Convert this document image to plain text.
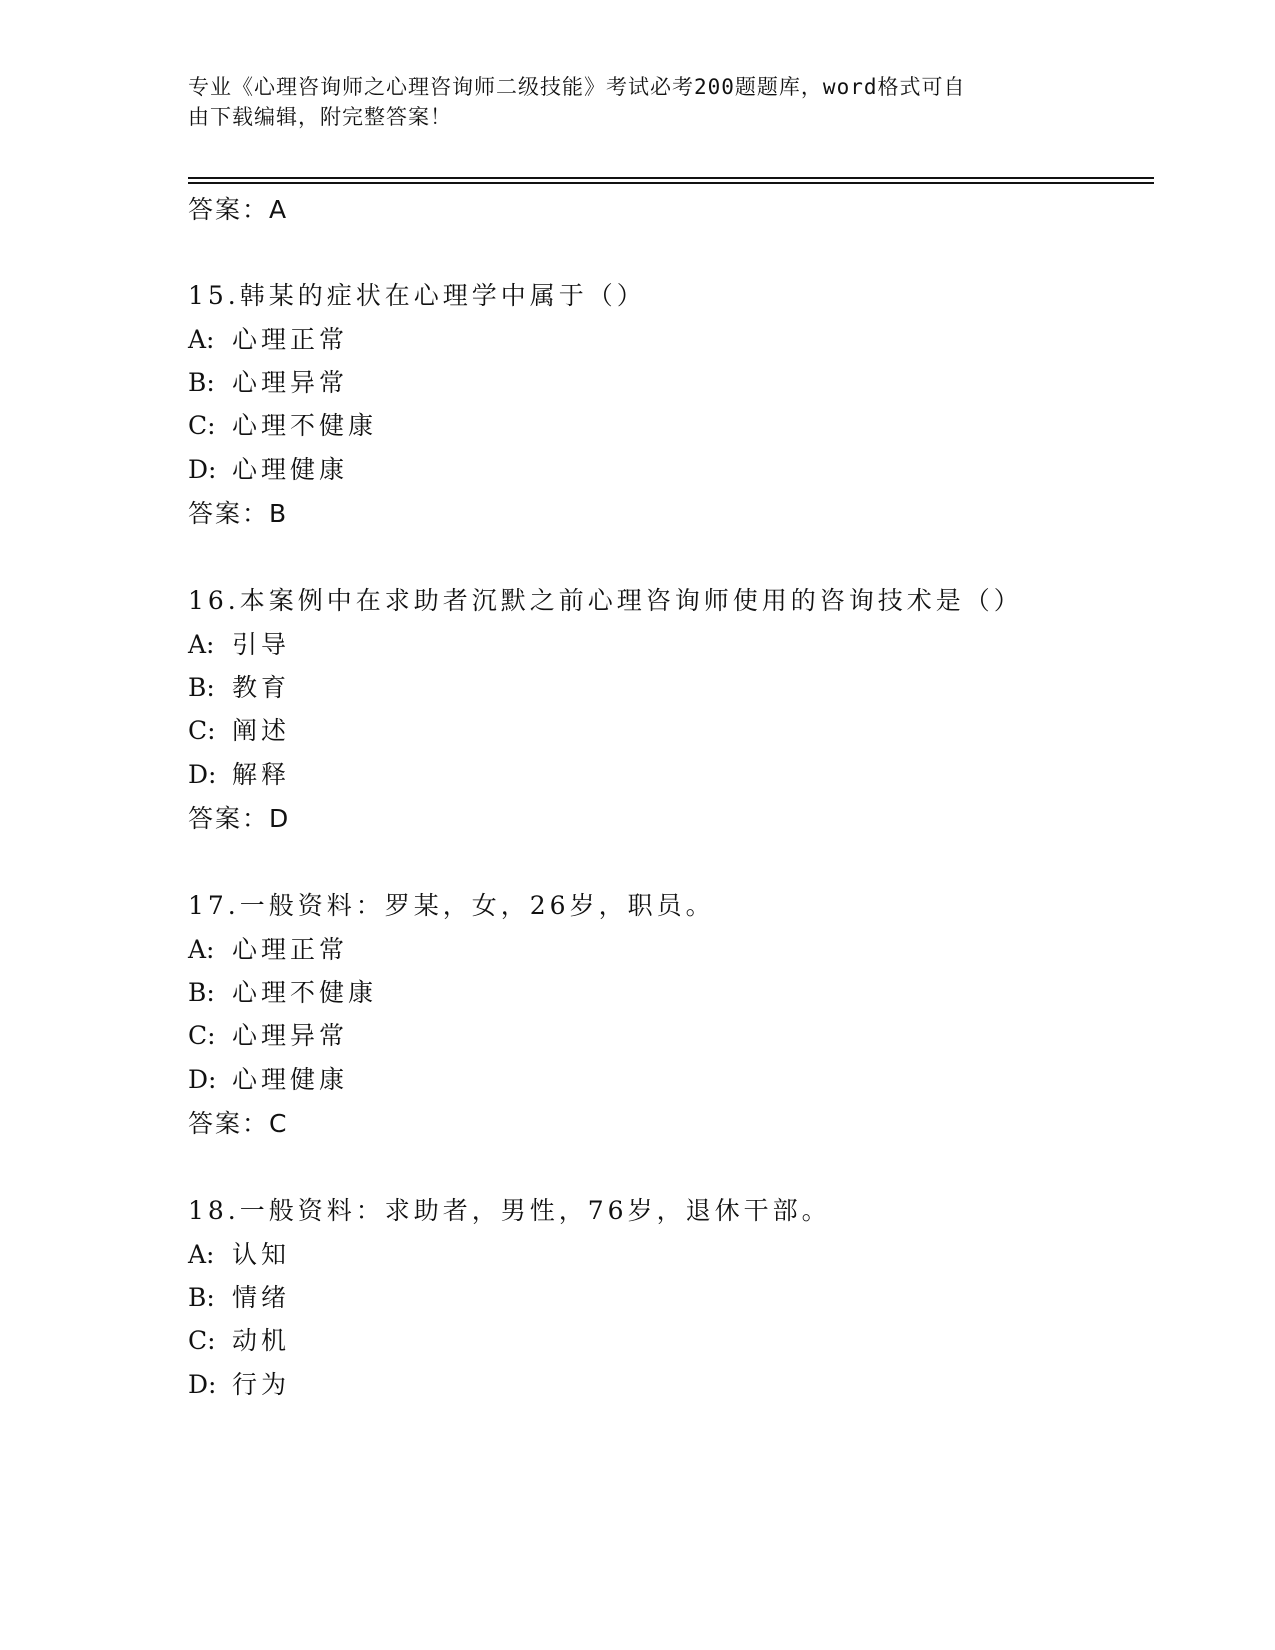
专业《心理咨询师之心理咨询师二级技能》考试必考200题题库，word格式可自
由下载编辑，附完整答案！
答案：A
15.韩某的症状在心理学中属于（）
A: 心理正常
B: 心理异常
C: 心理不健康
D: 心理健康
答案：B
16.本案例中在求助者沉默之前心理咨询师使用的咨询技术是（）
A: 引导
B: 教育
C: 阐述
D: 解释
答案：D
17.一般资料：罗某，女，26岁，职员。
A: 心理正常
B: 心理不健康
C: 心理异常
D: 心理健康
答案：C
18.一般资料：求助者，男性，76岁，退休干部。
A: 认知
B: 情绪
C: 动机
D: 行为
